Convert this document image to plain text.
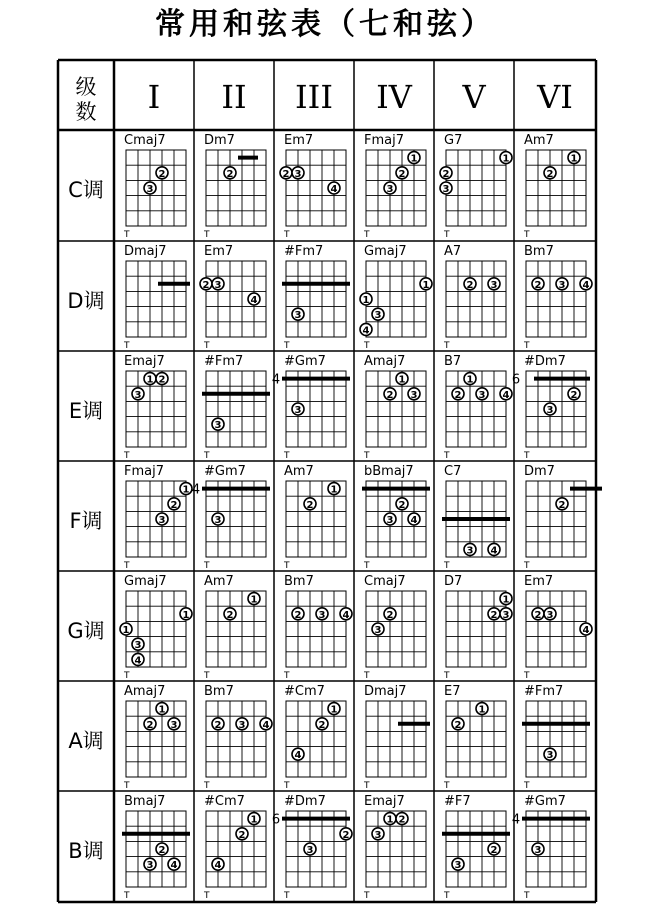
常用和弦表（七和弦）
级
数 I II III IV V VI
C调
Cmaj7
T
2
3
Dm7
T
2
Em7
T
2 3
4
Fmaj7
T
1
2
3
G7
T
1
2
3
Am7
T
1
2
D调
Dmaj7
T
Em7
T
2 3
4
#Fm7
T
3
Gmaj7
T
1
1
3
4
A7
T
2 3
Bm7
T
2 3 4
E调
Emaj7
T
1 2
3
#Fm7
T
3
#Gm7
T
4
3
Amaj7
T
1
2 3
B7
T
1
2 3 4
#Dm7
T
6
2
3
F调
Fmaj7
T
1
2
3
#Gm7
T
4
3
Am7
T
1
2
bBmaj7
T
2
3 4
C7
T
3 4
Dm7
T
2
G调
Gmaj7
T
1
1
3
4
Am7
T
1
2
Bm7
T
2 3 4
Cmaj7
T
2
3
D7
T
1
2 3
Em7
T
2 3
4
A调
Amaj7
T
1
2 3
Bm7
T
2 3 4
#Cm7
T
1
2
4
Dmaj7
T
E7
T
1
2
#Fm7
T
3
B调
Bmaj7
T
2
3 4
#Cm7
T
1
2
4
#Dm7
T
6
2
3
Emaj7
T
1 2
3
#F7
T
2
3
#Gm7
T
4
3
